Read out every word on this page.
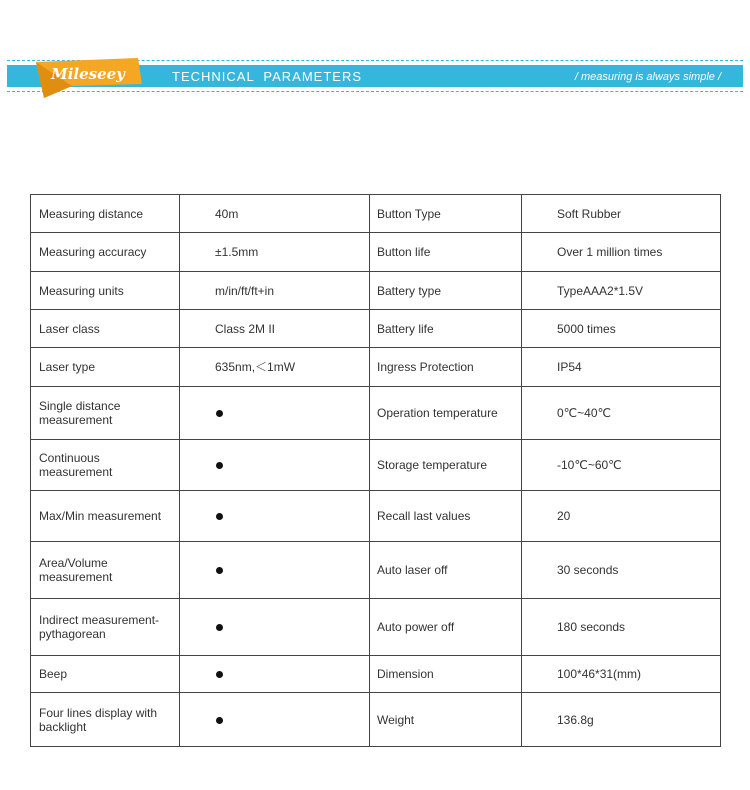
TECHNICAL  PARAMETERS	/ measuring is always simple /
Mileseey
Measuring distance	40m	Button Type	Soft Rubber
Measuring accuracy	±1.5mm	Button life	Over 1 million times
Measuring units	m/in/ft/ft+in	Battery type	TypeAAA2*1.5V
Laser class	Class 2M II	Battery life	5000 times
Laser type	635nm,＜1mW	Ingress Protection	IP54
Single distance measurement		Operation temperature	0℃~40℃
Continuous measurement		Storage temperature	-10℃~60℃
Max/Min measurement		Recall last values	20
Area/Volume measurement		Auto laser off	30 seconds
Indirect measurement-pythagorean		Auto power off	180 seconds
Beep		Dimension	100*46*31(mm)
Four lines display with backlight		Weight	136.8g
